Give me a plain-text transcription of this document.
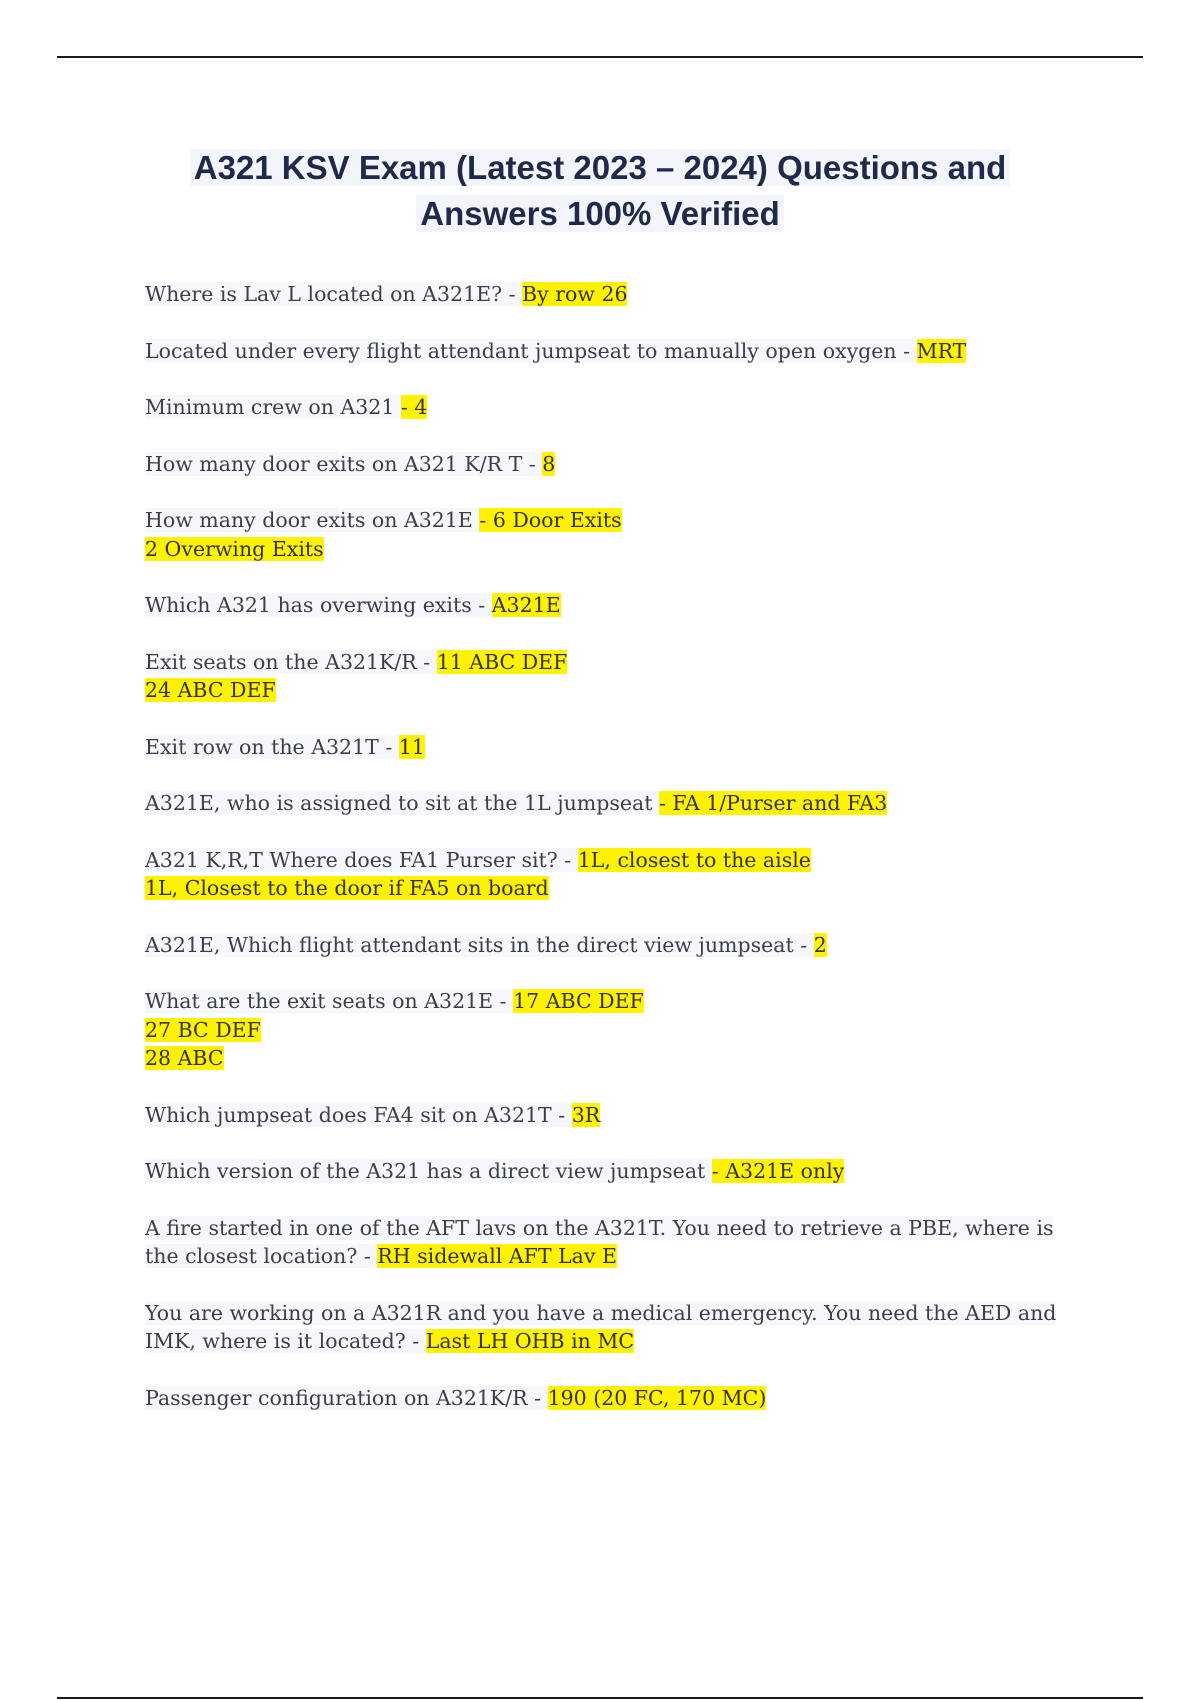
A321 KSV Exam (Latest 2023 – 2024) Questions and
Answers 100% Verified
Where is Lav L located on A321E? - By row 26
Located under every flight attendant jumpseat to manually open oxygen - MRT
Minimum crew on A321 - 4
How many door exits on A321 K/R T - 8
How many door exits on A321E - 6 Door Exits
2 Overwing Exits
Which A321 has overwing exits - A321E
Exit seats on the A321K/R - 11 ABC DEF
24 ABC DEF
Exit row on the A321T - 11
A321E, who is assigned to sit at the 1L jumpseat - FA 1/Purser and FA3
A321 K,R,T Where does FA1 Purser sit? - 1L, closest to the aisle
1L, Closest to the door if FA5 on board
A321E, Which flight attendant sits in the direct view jumpseat - 2
What are the exit seats on A321E - 17 ABC DEF
27 BC DEF
28 ABC
Which jumpseat does FA4 sit on A321T - 3R
Which version of the A321 has a direct view jumpseat - A321E only
A fire started in one of the AFT lavs on the A321T. You need to retrieve a PBE, where is the closest location? - RH sidewall AFT Lav E
You are working on a A321R and you have a medical emergency. You need the AED and IMK, where is it located? - Last LH OHB in MC
Passenger configuration on A321K/R - 190 (20 FC, 170 MC)
